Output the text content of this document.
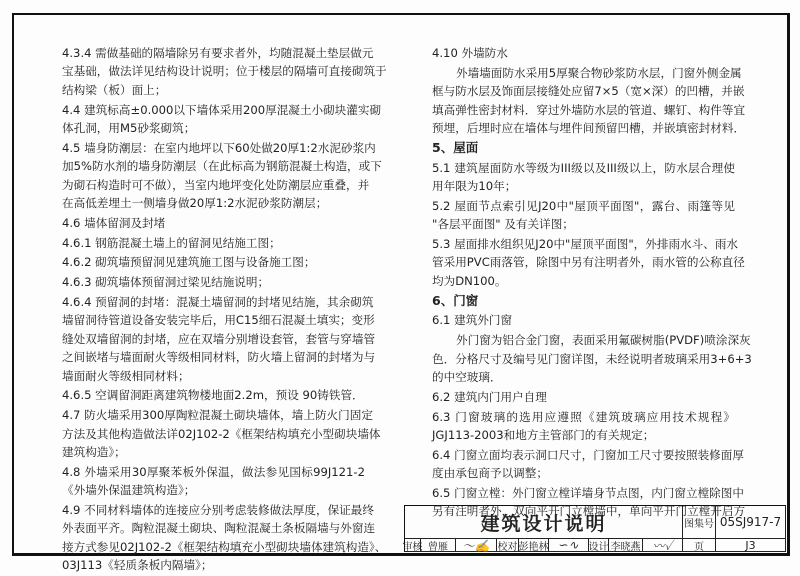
4.3.4 需做基础的隔墙除另有要求者外，均随混凝土垫层做元
宝基础，做法详见结构设计说明；位于楼层的隔墙可直接砌筑于
结构梁（板）面上；
4.4 建筑标高±0.000以下墙体采用200厚混凝土小砌块灌实砌
体孔洞，用M5砂浆砌筑；
4.5 墙身防潮层：在室内地坪以下60处做20厚1:2水泥砂浆内
加5%防水剂的墙身防潮层（在此标高为钢筋混凝土构造，或下
为砌石构造时可不做），当室内地坪变化处防潮层应重叠，并
在高低差埋土一侧墙身做20厚1:2水泥砂浆防潮层；
4.6 墙体留洞及封堵
4.6.1 钢筋混凝土墙上的留洞见结施工图；
4.6.2 砌筑墙预留洞见建筑施工图与设备施工图；
4.6.3 砌筑墙体预留洞过梁见结施说明；
4.6.4 预留洞的封堵：混凝土墙留洞的封堵见结施，其余砌筑
墙留洞待管道设备安装完毕后，用C15细石混凝土填实；变形
缝处双墙留洞的封堵，应在双墙分别增设套管，套管与穿墙管
之间嵌堵与墙面耐火等级相同材料，防火墙上留洞的封堵为与
墙面耐火等级相同材料；
4.6.5 空调留洞距离建筑物楼地面2.2m，预设 90铸铁管．
4.7 防火墙采用300厚陶粒混凝土砌块墙体，墙上防火门固定
方法及其他构造做法详02J102-2《框架结构填充小型砌块墙体
建筑构造》；
4.8 外墙采用30厚聚苯板外保温，做法参见国标99J121-2
《外墙外保温建筑构造》；
4.9 不同材料墙体的连接应分别考虑装修做法厚度，保证最终
外表面平齐。陶粒混凝土砌块、陶粒混凝土条板隔墙与外窗连
接方式参见02J102-2《框架结构填充小型砌块墙体建筑构造》、
03J113《轻质条板内隔墙》；
4.10 外墙防水
外墙墙面防水采用5厚聚合物砂浆防水层，门窗外侧金属
框与防水层及饰面层接缝处应留7×5（宽×深）的凹槽，并嵌
填高弹性密封材料．穿过外墙防水层的管道、螺钉、构件等宜
预埋，后埋时应在墙体与埋件间预留凹槽，并嵌填密封材料．
5、屋面
5.1 建筑屋面防水等级为III级以及III级以上，防水层合理使
用年限为10年；
5.2 屋面节点索引见J20中"屋顶平面图"，露台、雨篷等见
"各层平面图" 及有关详图；
5.3 屋面排水组织见J20中"屋顶平面图"，外排雨水斗、雨水
管采用PVC雨落管，除图中另有注明者外，雨水管的公称直径
均为DN100。
6、门窗
6.1 建筑外门窗
外门窗为铝合金门窗，表面采用氟碳树脂(PVDF)喷涂深灰
色．分格尺寸及编号见门窗详图，未经说明者玻璃采用3+6+3
的中空玻璃．
6.2 建筑内门用户自理
6.3 门窗玻璃的选用应遵照《建筑玻璃应用技术规程》
JGJ113-2003和地方主管部门的有关规定；
6.4 门窗立面均表示洞口尺寸，门窗加工尺寸要按照装修面厚
度由承包商予以调整；
6.5 门窗立樘：外门窗立樘详墙身节点图，内门窗立樘除图中
另有注明者外，双向平开门立樘墙中，单向平开门立樘开启方
建筑设计说明	图集号 05SJ917-7
审核 曾雁	〜✍ 校对 彭艳林 ∽∿ 设计 李晓燕	〰✓	页	J3
